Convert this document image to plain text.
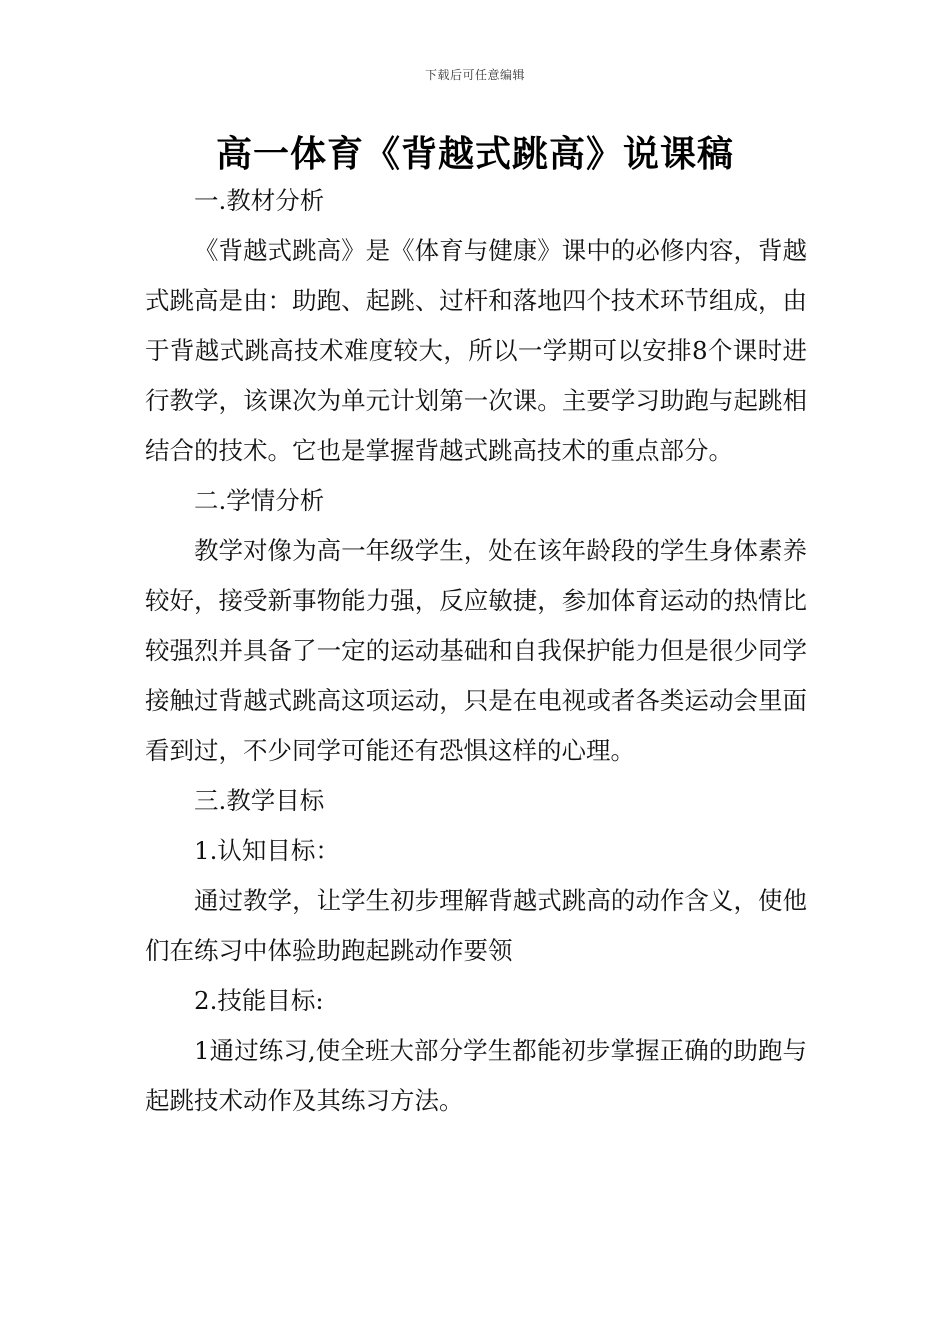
下载后可任意编辑
高一体育《背越式跳高》说课稿

一.教材分析

《背越式跳高》是《体育与健康》课中的必修内容，背越式跳高是由：助跑、起跳、过杆和落地四个技术环节组成，由于背越式跳高技术难度较大，所以一学期可以安排8个课时进行教学，该课次为单元计划第一次课。主要学习助跑与起跳相结合的技术。它也是掌握背越式跳高技术的重点部分。

二.学情分析

教学对像为高一年级学生，处在该年龄段的学生身体素养较好，接受新事物能力强，反应敏捷，参加体育运动的热情比较强烈并具备了一定的运动基础和自我保护能力但是很少同学接触过背越式跳高这项运动，只是在电视或者各类运动会里面看到过，不少同学可能还有恐惧这样的心理。

三.教学目标

1.认知目标：

通过教学，让学生初步理解背越式跳高的动作含义，使他们在练习中体验助跑起跳动作要领

2.技能目标:

1通过练习,使全班大部分学生都能初步掌握正确的助跑与起跳技术动作及其练习方法。
